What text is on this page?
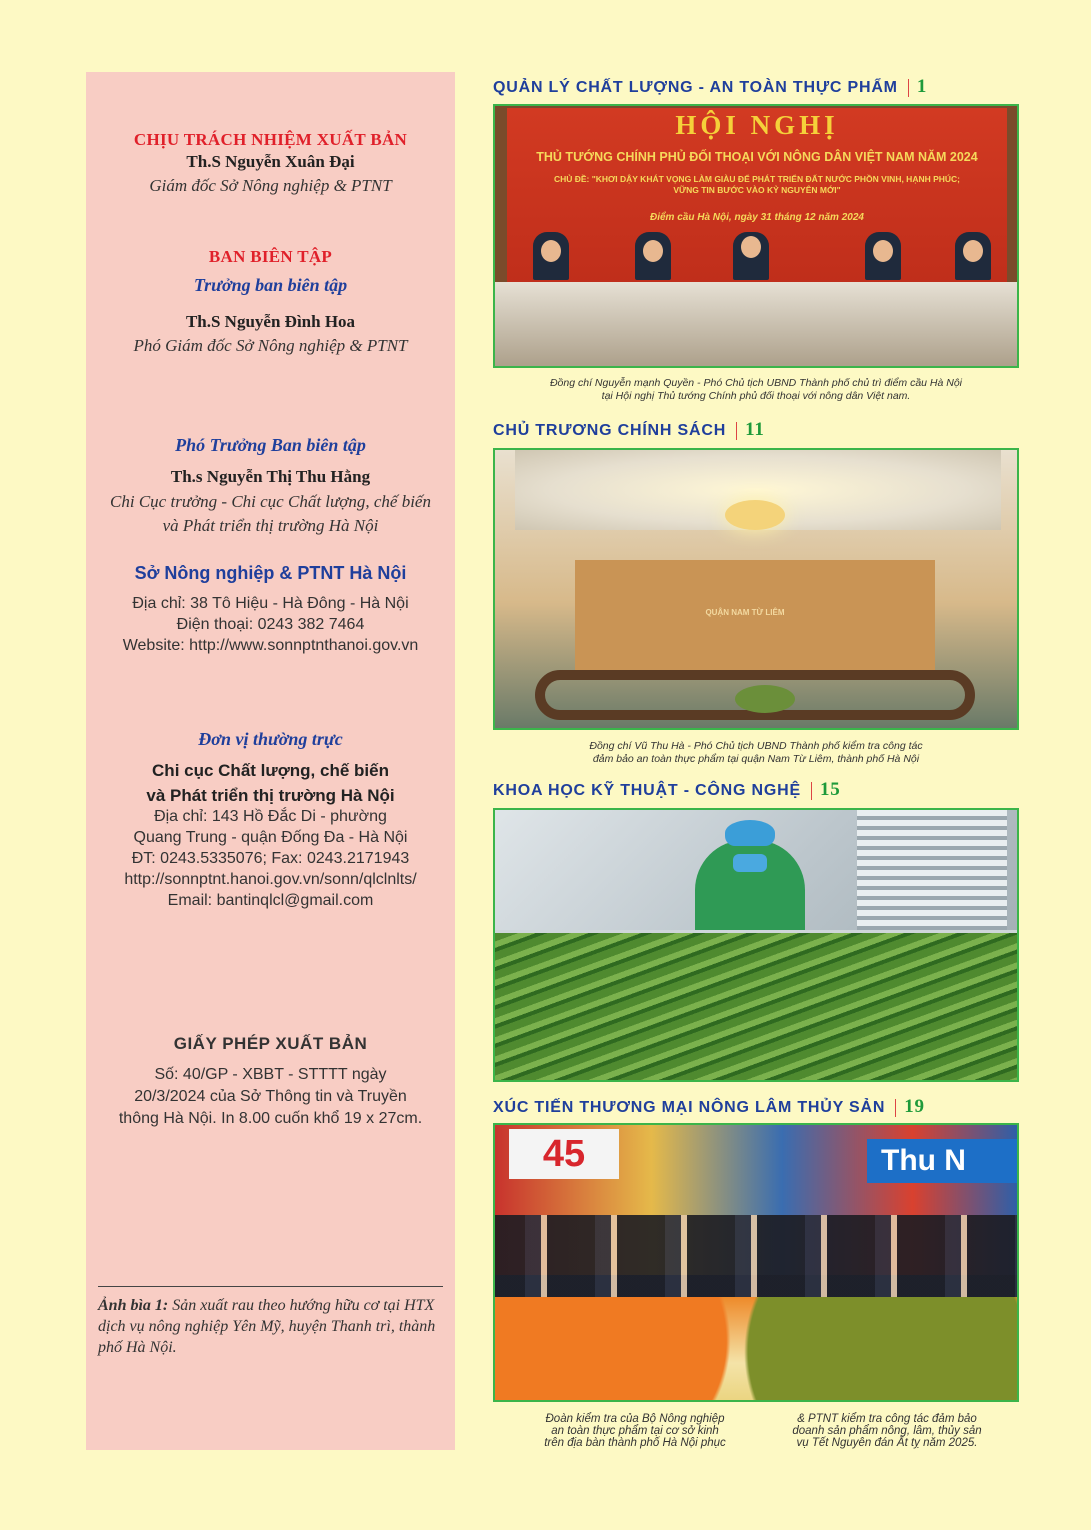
CHỊU TRÁCH NHIỆM XUẤT BẢN
Th.S Nguyễn Xuân Đại
Giám đốc Sở Nông nghiệp & PTNT
BAN BIÊN TẬP
Trưởng ban biên tập
Th.S Nguyễn Đình Hoa
Phó Giám đốc Sở Nông nghiệp & PTNT
Phó Trưởng Ban biên tập
Th.s Nguyễn Thị Thu Hằng
Chi Cục trưởng - Chi cục Chất lượng, chế biến
và Phát triển thị trường Hà Nội
Sở Nông nghiệp & PTNT Hà Nội
Địa chỉ: 38 Tô Hiệu - Hà Đông - Hà Nội
Điện thoại: 0243 382 7464
Website: http://www.sonnptnthanoi.gov.vn
Đơn vị thường trực
Chi cục Chất lượng, chế biến
và Phát triển thị trường Hà Nội
Địa chỉ: 143 Hồ Đắc Di - phường
Quang Trung - quận Đống Đa - Hà Nội
ĐT: 0243.5335076; Fax: 0243.2171943
http://sonnptnt.hanoi.gov.vn/sonn/qlclnlts/
Email: bantinqlcl@gmail.com
GIẤY PHÉP XUẤT BẢN
Số: 40/GP - XBBT - STTTT ngày
20/3/2024 của Sở Thông tin và Truyền
thông Hà Nội. In 8.00 cuốn khổ 19 x 27cm.
Ảnh bìa 1: Sản xuất rau theo hướng hữu cơ tại HTX dịch vụ nông nghiệp Yên Mỹ, huyện Thanh trì, thành phố Hà Nội.
QUẢN LÝ CHẤT LƯỢNG - AN TOÀN THỰC PHẨM 1
HỘI NGHỊ
THỦ TƯỚNG CHÍNH PHỦ ĐỐI THOẠI VỚI NÔNG DÂN VIỆT NAM NĂM 2024
CHỦ ĐỀ: "KHƠI DẬY KHÁT VỌNG LÀM GIÀU ĐỂ PHÁT TRIỂN ĐẤT NƯỚC PHỒN VINH, HẠNH PHÚC;
VỮNG TIN BƯỚC VÀO KỶ NGUYÊN MỚI"
Điểm cầu Hà Nội, ngày 31 tháng 12 năm 2024
Đồng chí Nguyễn mạnh Quyền - Phó Chủ tịch UBND Thành phố chủ trì điểm cầu Hà Nội
tại Hội nghị Thủ tướng Chính phủ đối thoại với nông dân Việt nam.
CHỦ TRƯƠNG CHÍNH SÁCH 11
QUẬN NAM TỪ LIÊM
Đồng chí Vũ Thu Hà - Phó Chủ tịch UBND Thành phố kiểm tra công tác
đảm bảo an toàn thực phẩm tại quận Nam Từ Liêm, thành phố Hà Nội
KHOA HỌC KỸ THUẬT - CÔNG NGHỆ 15
XÚC TIẾN THƯƠNG MẠI NÔNG LÂM THỦY SẢN 19
45	Thu N
Đoàn kiểm tra của Bộ Nông nghiệp
an toàn thực phẩm tại cơ sở kinh
trên địa bàn thành phố Hà Nội phục
& PTNT kiểm tra công tác đảm bảo
doanh sản phẩm nông, lâm, thủy sản
vụ Tết Nguyên đán Ất tỵ năm 2025.
